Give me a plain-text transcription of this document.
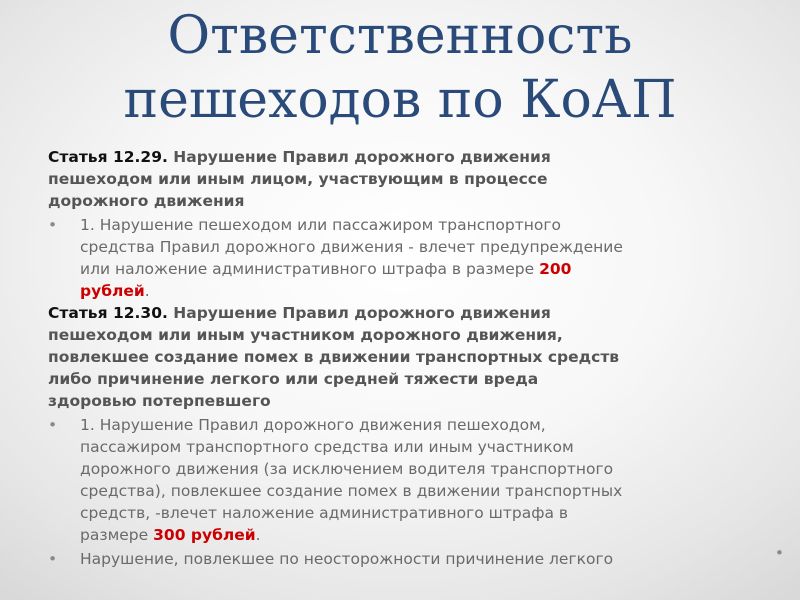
Ответственность
пешеходов по КоАП
Статья 12.29. Нарушение Правил дорожного движения
пешеходом или иным лицом, участвующим в процессе
дорожного движения
• 1. Нарушение пешеходом или пассажиром транспортного
средства Правил дорожного движения - влечет предупреждение
или наложение административного штрафа в размере 200
рублей.
Статья 12.30. Нарушение Правил дорожного движения
пешеходом или иным участником дорожного движения,
повлекшее создание помех в движении транспортных средств
либо причинение легкого или средней тяжести вреда
здоровью потерпевшего
• 1. Нарушение Правил дорожного движения пешеходом,
пассажиром транспортного средства или иным участником
дорожного движения (за исключением водителя транспортного
средства), повлекшее создание помех в движении транспортных
средств, -влечет наложение административного штрафа в
размере 300 рублей.
• Нарушение, повлекшее по неосторожности причинение легкого	•
